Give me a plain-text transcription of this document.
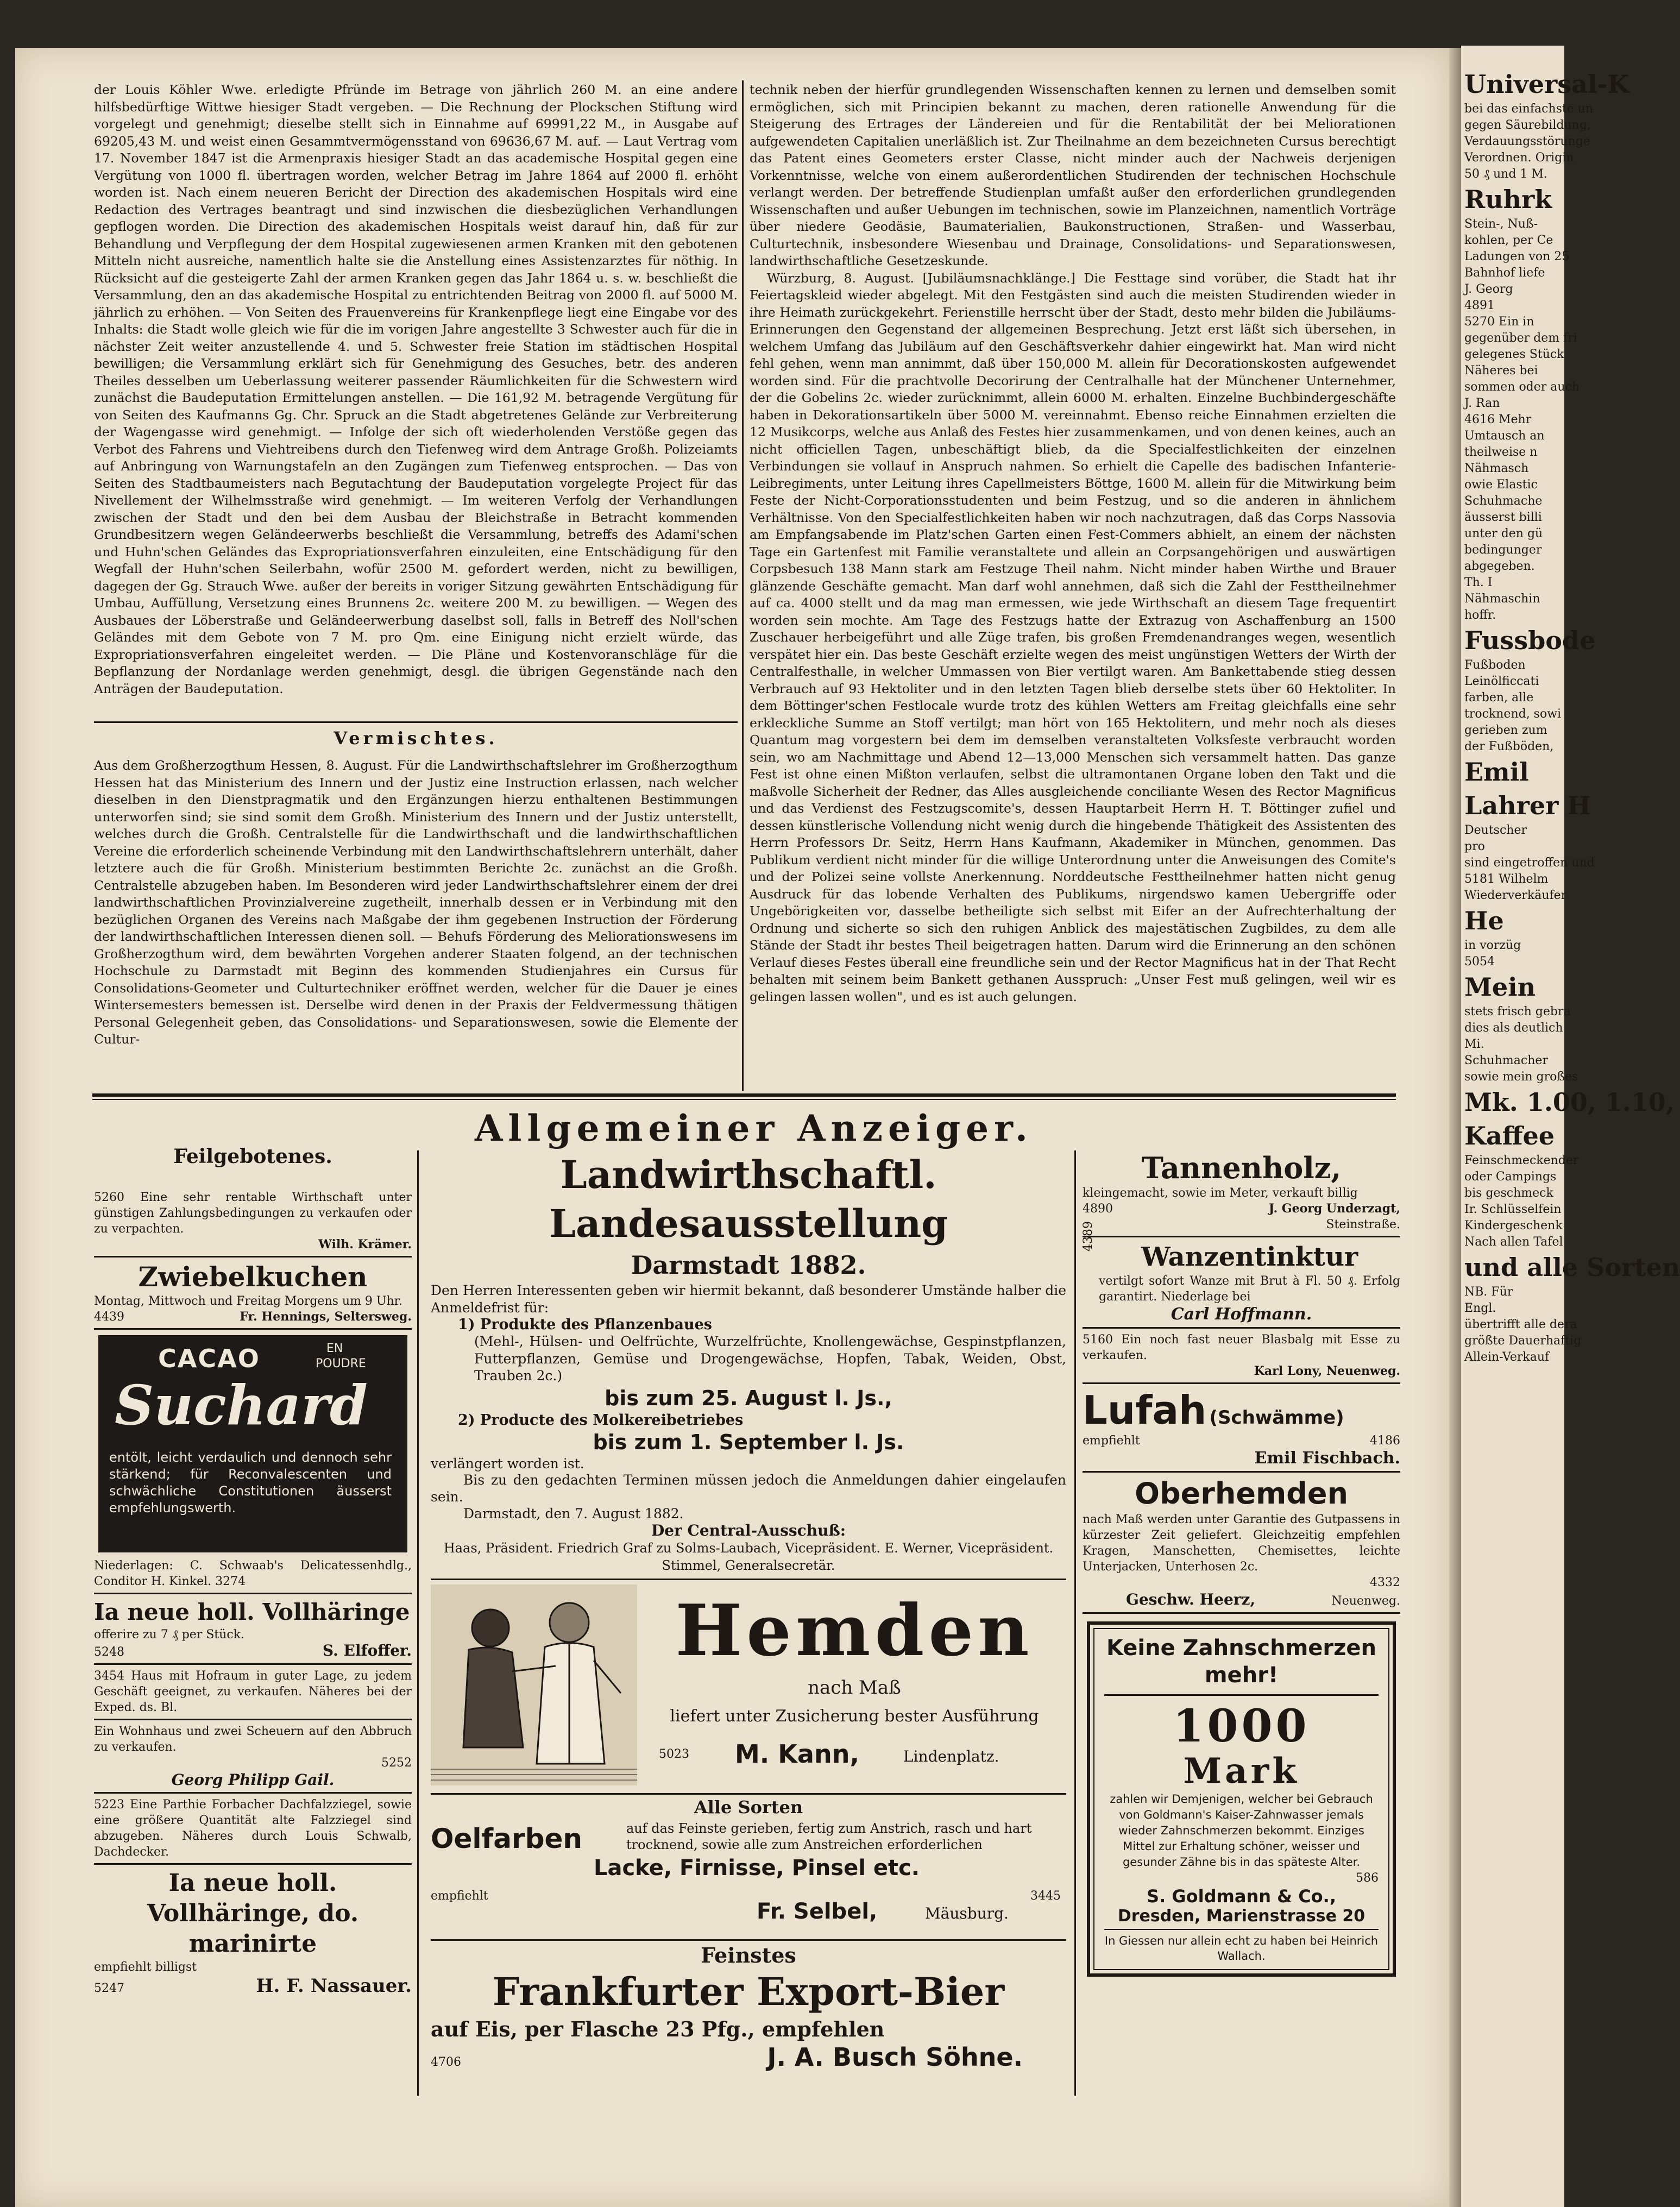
der Louis Köhler Wwe. erledigte Pfründe im Betrage von jährlich 260 M. an eine andere hilfsbedürftige Wittwe hiesiger Stadt vergeben. — Die Rechnung der Plockschen Stiftung wird vorgelegt und genehmigt; dieselbe stellt sich in Einnahme auf 69991,22 M., in Ausgabe auf 69205,43 M. und weist einen Gesammtvermögensstand von 69636,67 M. auf. — Laut Vertrag vom 17. November 1847 ist die Armenpraxis hiesiger Stadt an das academische Hospital gegen eine Vergütung von 1000 fl. übertragen worden, welcher Betrag im Jahre 1864 auf 2000 fl. erhöht worden ist. Nach einem neueren Bericht der Direction des akademischen Hospitals wird eine Redaction des Vertrages beantragt und sind inzwischen die diesbezüglichen Verhandlungen gepflogen worden. Die Direction des akademischen Hospitals weist darauf hin, daß für zur Behandlung und Verpflegung der dem Hospital zugewiesenen armen Kranken mit den gebotenen Mitteln nicht ausreiche, namentlich halte sie die Anstellung eines Assistenzarztes für nöthig. In Rücksicht auf die gesteigerte Zahl der armen Kranken gegen das Jahr 1864 u. s. w. beschließt die Versammlung, den an das akademische Hospital zu entrichtenden Beitrag von 2000 fl. auf 5000 M. jährlich zu erhöhen. — Von Seiten des Frauenvereins für Krankenpflege liegt eine Eingabe vor des Inhalts: die Stadt wolle gleich wie für die im vorigen Jahre angestellte 3 Schwester auch für die in nächster Zeit weiter anzustellende 4. und 5. Schwester freie Station im städtischen Hospital bewilligen; die Versammlung erklärt sich für Genehmigung des Gesuches, betr. des anderen Theiles desselben um Ueberlassung weiterer passender Räumlichkeiten für die Schwestern wird zunächst die Baudeputation Ermittelungen anstellen. — Die 161,92 M. betragende Vergütung für von Seiten des Kaufmanns Gg. Chr. Spruck an die Stadt abgetretenes Gelände zur Verbreiterung der Wagengasse wird genehmigt. — Infolge der sich oft wiederholenden Verstöße gegen das Verbot des Fahrens und Viehtreibens durch den Tiefenweg wird dem Antrage Großh. Polizeiamts auf Anbringung von Warnungstafeln an den Zugängen zum Tiefenweg entsprochen. — Das von Seiten des Stadtbaumeisters nach Begutachtung der Baudeputation vorgelegte Project für das Nivellement der Wilhelmsstraße wird genehmigt. — Im weiteren Verfolg der Verhandlungen zwischen der Stadt und den bei dem Ausbau der Bleichstraße in Betracht kommenden Grundbesitzern wegen Geländeerwerbs beschließt die Versammlung, betreffs des Adami'schen und Huhn'schen Geländes das Expropriationsverfahren einzuleiten, eine Entschädigung für den Wegfall der Huhn'schen Seilerbahn, wofür 2500 M. gefordert werden, nicht zu bewilligen, dagegen der Gg. Strauch Wwe. außer der bereits in voriger Sitzung gewährten Entschädigung für Umbau, Auffüllung, Versetzung eines Brunnens 2c. weitere 200 M. zu bewilligen. — Wegen des Ausbaues der Löberstraße und Geländeerwerbung daselbst soll, falls in Betreff des Noll'schen Geländes mit dem Gebote von 7 M. pro Qm. eine Einigung nicht erzielt würde, das Expropriationsverfahren eingeleitet werden. — Die Pläne und Kostenvoranschläge für die Bepflanzung der Nordanlage werden genehmigt, desgl. die übrigen Gegenstände nach den Anträgen der Baudeputation.
Vermischtes.
Aus dem Großherzogthum Hessen, 8. August. Für die Landwirthschaftslehrer im Großherzogthum Hessen hat das Ministerium des Innern und der Justiz eine Instruction erlassen, nach welcher dieselben in den Dienstpragmatik und den Ergänzungen hierzu enthaltenen Bestimmungen unterworfen sind; sie sind somit dem Großh. Ministerium des Innern und der Justiz unterstellt, welches durch die Großh. Centralstelle für die Landwirthschaft und die landwirthschaftlichen Vereine die erforderlich scheinende Verbindung mit den Landwirthschaftslehrern unterhält, daher letztere auch die für Großh. Ministerium bestimmten Berichte 2c. zunächst an die Großh. Centralstelle abzugeben haben. Im Besonderen wird jeder Landwirthschaftslehrer einem der drei landwirthschaftlichen Provinzialvereine zugetheilt, innerhalb dessen er in Verbindung mit den bezüglichen Organen des Vereins nach Maßgabe der ihm gegebenen Instruction der Förderung der landwirthschaftlichen Interessen dienen soll. — Behufs Förderung des Meliorationswesens im Großherzogthum wird, dem bewährten Vorgehen anderer Staaten folgend, an der technischen Hochschule zu Darmstadt mit Beginn des kommenden Studienjahres ein Cursus für Consolidations-Geometer und Culturtechniker eröffnet werden, welcher für die Dauer je eines Wintersemesters bemessen ist. Derselbe wird denen in der Praxis der Feldvermessung thätigen Personal Gelegenheit geben, das Consolidations- und Separationswesen, sowie die Elemente der Cultur-
technik neben der hierfür grundlegenden Wissenschaften kennen zu lernen und demselben somit ermöglichen, sich mit Principien bekannt zu machen, deren rationelle Anwendung für die Steigerung des Ertrages der Ländereien und für die Rentabilität der bei Meliorationen aufgewendeten Capitalien unerläßlich ist. Zur Theilnahme an dem bezeichneten Cursus berechtigt das Patent eines Geometers erster Classe, nicht minder auch der Nachweis derjenigen Vorkenntnisse, welche von einem außerordentlichen Studirenden der technischen Hochschule verlangt werden. Der betreffende Studienplan umfaßt außer den erforderlichen grundlegenden Wissenschaften und außer Uebungen im technischen, sowie im Planzeichnen, namentlich Vorträge über niedere Geodäsie, Baumaterialien, Baukonstructionen, Straßen- und Wasserbau, Culturtechnik, insbesondere Wiesenbau und Drainage, Consolidations- und Separationswesen, landwirthschaftliche Gesetzeskunde.
Würzburg, 8. August. [Jubiläumsnachklänge.] Die Festtage sind vorüber, die Stadt hat ihr Feiertagskleid wieder abgelegt. Mit den Festgästen sind auch die meisten Studirenden wieder in ihre Heimath zurückgekehrt. Ferienstille herrscht über der Stadt, desto mehr bilden die Jubiläums-Erinnerungen den Gegenstand der allgemeinen Besprechung. Jetzt erst läßt sich übersehen, in welchem Umfang das Jubiläum auf den Geschäftsverkehr dahier eingewirkt hat. Man wird nicht fehl gehen, wenn man annimmt, daß über 150,000 M. allein für Decorationskosten aufgewendet worden sind. Für die prachtvolle Decorirung der Centralhalle hat der Münchener Unternehmer, der die Gobelins 2c. wieder zurücknimmt, allein 6000 M. erhalten. Einzelne Buchbindergeschäfte haben in Dekorationsartikeln über 5000 M. vereinnahmt. Ebenso reiche Einnahmen erzielten die 12 Musikcorps, welche aus Anlaß des Festes hier zusammenkamen, und von denen keines, auch an nicht officiellen Tagen, unbeschäftigt blieb, da die Specialfestlichkeiten der einzelnen Verbindungen sie vollauf in Anspruch nahmen. So erhielt die Capelle des badischen Infanterie-Leibregiments, unter Leitung ihres Capellmeisters Böttge, 1600 M. allein für die Mitwirkung beim Feste der Nicht-Corporationsstudenten und beim Festzug, und so die anderen in ähnlichem Verhältnisse. Von den Specialfestlichkeiten haben wir noch nachzutragen, daß das Corps Nassovia am Empfangsabende im Platz'schen Garten einen Fest-Commers abhielt, an einem der nächsten Tage ein Gartenfest mit Familie veranstaltete und allein an Corpsangehörigen und auswärtigen Corpsbesuch 138 Mann stark am Festzuge Theil nahm. Nicht minder haben Wirthe und Brauer glänzende Geschäfte gemacht. Man darf wohl annehmen, daß sich die Zahl der Festtheilnehmer auf ca. 4000 stellt und da mag man ermessen, wie jede Wirthschaft an diesem Tage frequentirt worden sein mochte. Am Tage des Festzugs hatte der Extrazug von Aschaffenburg an 1500 Zuschauer herbeigeführt und alle Züge trafen, bis großen Fremdenandranges wegen, wesentlich verspätet hier ein. Das beste Geschäft erzielte wegen des meist ungünstigen Wetters der Wirth der Centralfesthalle, in welcher Ummassen von Bier vertilgt waren. Am Bankettabende stieg dessen Verbrauch auf 93 Hektoliter und in den letzten Tagen blieb derselbe stets über 60 Hektoliter. In dem Böttinger'schen Festlocale wurde trotz des kühlen Wetters am Freitag gleichfalls eine sehr erkleckliche Summe an Stoff vertilgt; man hört von 165 Hektolitern, und mehr noch als dieses Quantum mag vorgestern bei dem im demselben veranstalteten Volksfeste verbraucht worden sein, wo am Nachmittage und Abend 12—13,000 Menschen sich versammelt hatten. Das ganze Fest ist ohne einen Mißton verlaufen, selbst die ultramontanen Organe loben den Takt und die maßvolle Sicherheit der Redner, das Alles ausgleichende conciliante Wesen des Rector Magnificus und das Verdienst des Festzugscomite's, dessen Hauptarbeit Herrn H. T. Böttinger zufiel und dessen künstlerische Vollendung nicht wenig durch die hingebende Thätigkeit des Assistenten des Herrn Professors Dr. Seitz, Herrn Hans Kaufmann, Akademiker in München, genommen. Das Publikum verdient nicht minder für die willige Unterordnung unter die Anweisungen des Comite's und der Polizei seine vollste Anerkennung. Norddeutsche Festtheilnehmer hatten nicht genug Ausdruck für das lobende Verhalten des Publikums, nirgendswo kamen Uebergriffe oder Ungebörigkeiten vor, dasselbe betheiligte sich selbst mit Eifer an der Aufrechterhaltung der Ordnung und sicherte so sich den ruhigen Anblick des majestätischen Zugbildes, zu dem alle Stände der Stadt ihr bestes Theil beigetragen hatten. Darum wird die Erinnerung an den schönen Verlauf dieses Festes überall eine freundliche sein und der Rector Magnificus hat in der That Recht behalten mit seinem beim Bankett gethanen Ausspruch: „Unser Fest muß gelingen, weil wir es gelingen lassen wollen", und es ist auch gelungen.
Allgemeiner Anzeiger.
Feilgebotenes.
5260 Eine sehr rentable Wirthschaft unter günstigen Zahlungsbedingungen zu verkaufen oder zu verpachten.
Wilh. Krämer.
Zwiebelkuchen
Montag, Mittwoch und Freitag Morgens um 9 Uhr.
4439	Fr. Hennings, Seltersweg.
CACAO	EN
POUDRE
Suchard
entölt, leicht verdaulich und dennoch sehr stärkend; für Reconvalescenten und schwächliche Constitutionen äusserst empfehlungswerth.
Niederlagen: C. Schwaab's Delicatessenhdlg., Conditor H. Kinkel. 3274
Ia neue holl. Vollhäringe
offerire zu 7 ₰ per Stück.
5248	S. Elfoffer.
3454 Haus mit Hofraum in guter Lage, zu jedem Geschäft geeignet, zu verkaufen. Näheres bei der Exped. ds. Bl.
Ein Wohnhaus und zwei Scheuern auf den Abbruch zu verkaufen.
5252
Georg Philipp Gail.
5223 Eine Parthie Forbacher Dachfalzziegel, sowie eine größere Quantität alte Falzziegel sind abzugeben. Näheres durch Louis Schwalb, Dachdecker.
Ia neue holl. Vollhäringe, do. marinirte
empfiehlt billigst
5247	H. F. Nassauer.
Landwirthschaftl. Landesausstellung
Darmstadt 1882.
Den Herren Interessenten geben wir hiermit bekannt, daß besonderer Umstände halber die Anmeldefrist für:
1) Produkte des Pflanzenbaues
(Mehl-, Hülsen- und Oelfrüchte, Wurzelfrüchte, Knollengewächse, Gespinstpflanzen, Futterpflanzen, Gemüse und Drogengewächse, Hopfen, Tabak, Weiden, Obst, Trauben 2c.)
bis zum 25. August l. Js.,
2) Producte des Molkereibetriebes
bis zum 1. September l. Js.
verlängert worden ist.
Bis zu den gedachten Terminen müssen jedoch die Anmeldungen dahier eingelaufen sein.
Darmstadt, den 7. August 1882.
Der Central-Ausschuß:
Haas, Präsident. Friedrich Graf zu Solms-Laubach, Vicepräsident. E. Werner, Vicepräsident. Stimmel, Generalsecretär.
Hemden
nach Maß
liefert unter Zusicherung bester Ausführung
5023 M. Kann,	Lindenplatz.
Alle Sorten
Oelfarben	auf das Feinste gerieben, fertig zum Anstrich, rasch und hart trocknend, sowie alle zum Anstreichen erforderlichen
Lacke, Firnisse, Pinsel etc.
empfiehlt	3445
Fr. Selbel,	Mäusburg.
Feinstes
Frankfurter Export-Bier
auf Eis, per Flasche 23 Pfg., empfehlen
4706	J. A. Busch Söhne.
Tannenholz,
kleingemacht, sowie im Meter, verkauft billig
4890	J. Georg Underzagt,
Steinstraße.
4389
Wanzentinktur
vertilgt sofort Wanze mit Brut à Fl. 50 ₰. Erfolg garantirt. Niederlage bei
Carl Hoffmann.
5160 Ein noch fast neuer Blasbalg mit Esse zu verkaufen.
Karl Lony, Neuenweg.
Lufah (Schwämme)
empfiehlt	4186
Emil Fischbach.
Oberhemden
nach Maß werden unter Garantie des Gutpassens in kürzester Zeit geliefert. Gleichzeitig empfehlen Kragen, Manschetten, Chemisettes, leichte Unterjacken, Unterhosen 2c.
4332
Geschw. Heerz,	Neuenweg.
Keine Zahnschmerzen mehr!
1000
Mark
zahlen wir Demjenigen, welcher bei Gebrauch von Goldmann's Kaiser-Zahnwasser jemals wieder Zahnschmerzen bekommt. Einziges Mittel zur Erhaltung schöner, weisser und gesunder Zähne bis in das späteste Alter.
586
S. Goldmann & Co.,
Dresden, Marienstrasse 20
In Giessen nur allein echt zu haben bei Heinrich Wallach.
Universal-K
bei das einfachste un
gegen Säurebildung,
Verdauungsstörunge
Verordnen. Origin
50 ₰ und 1 M.
Ruhrk
Stein-, Nuß-
kohlen, per Ce
Ladungen von 25
Bahnhof liefe
J. Georg
4891
5270 Ein in
gegenüber dem fri
gelegenes Stück
Näheres bei
sommen oder auch
J. Ran
4616 Mehr
Umtausch an
theilweise n
Nähmasch
owie Elastic
Schuhmache
äusserst billi
unter den gü
bedingunger
abgegeben.
Th. I
Nähmaschin
hoffr.
Fussbode
Fußboden
Leinölficcati
farben, alle
trocknend, sowi
gerieben zum
der Fußböden,
Emil
Lahrer H
Deutscher
pro
sind eingetroffen und
5181 Wilhelm
Wiederverkäufer
He
in vorzüg
5054
Mein
stets frisch gebra
dies als deutlich
Mi.
Schuhmacher
sowie mein großes
Mk. 1.00, 1.10,
Kaffee
Feinschmeckender
oder Campings
bis geschmeck
Ir. Schlüsselfein
Kindergeschenk
Nach allen Tafel
und alle Sorten
NB. Für
Engl.
übertrifft alle dera
größte Dauerhaftig
Allein-Verkauf
